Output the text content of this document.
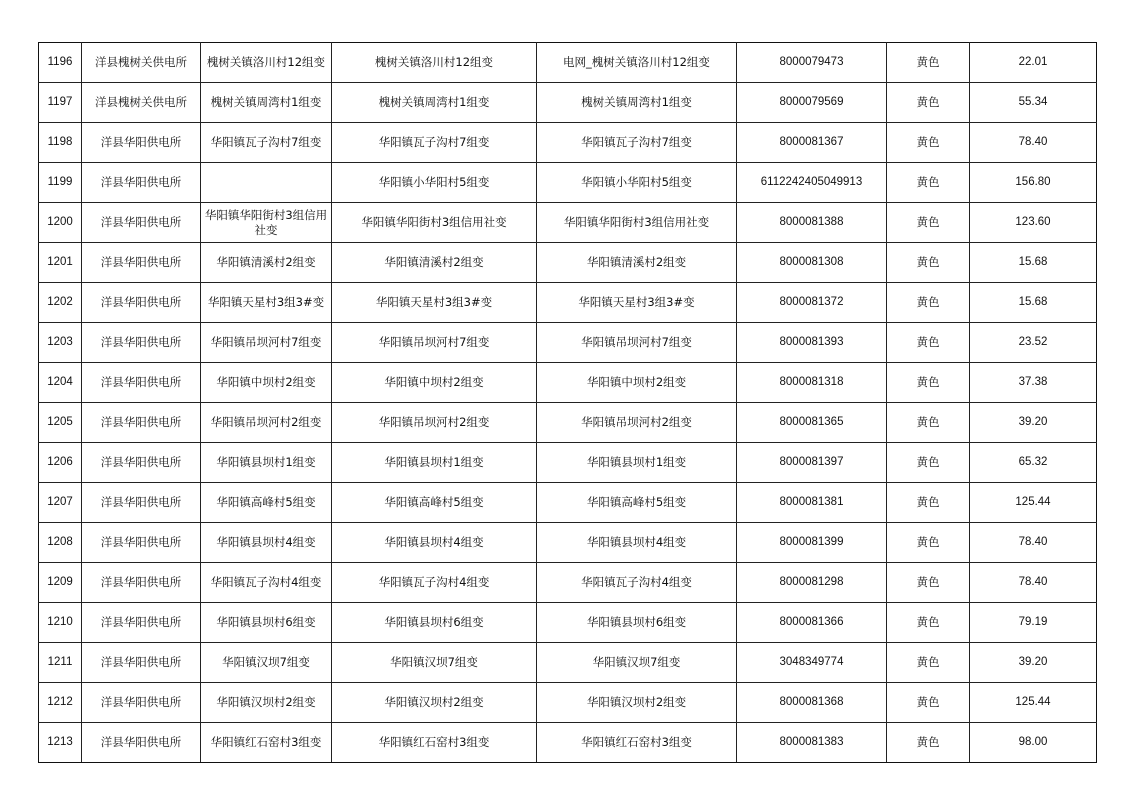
1196	洋县槐树关供电所	槐树关镇洛川村12组变	槐树关镇洛川村12组变	电网_槐树关镇洛川村12组变	8000079473	黄色	22.01
1197	洋县槐树关供电所	槐树关镇周湾村1组变	槐树关镇周湾村1组变	槐树关镇周湾村1组变	8000079569	黄色	55.34
1198	洋县华阳供电所	华阳镇瓦子沟村7组变	华阳镇瓦子沟村7组变	华阳镇瓦子沟村7组变	8000081367	黄色	78.40
1199	洋县华阳供电所		华阳镇小华阳村5组变	华阳镇小华阳村5组变	6112242405049913	黄色	156.80
1200	洋县华阳供电所	华阳镇华阳街村3组信用社变	华阳镇华阳街村3组信用社变	华阳镇华阳街村3组信用社变	8000081388	黄色	123.60
1201	洋县华阳供电所	华阳镇清溪村2组变	华阳镇清溪村2组变	华阳镇清溪村2组变	8000081308	黄色	15.68
1202	洋县华阳供电所	华阳镇天星村3组3#变	华阳镇天星村3组3#变	华阳镇天星村3组3#变	8000081372	黄色	15.68
1203	洋县华阳供电所	华阳镇吊坝河村7组变	华阳镇吊坝河村7组变	华阳镇吊坝河村7组变	8000081393	黄色	23.52
1204	洋县华阳供电所	华阳镇中坝村2组变	华阳镇中坝村2组变	华阳镇中坝村2组变	8000081318	黄色	37.38
1205	洋县华阳供电所	华阳镇吊坝河村2组变	华阳镇吊坝河村2组变	华阳镇吊坝河村2组变	8000081365	黄色	39.20
1206	洋县华阳供电所	华阳镇县坝村1组变	华阳镇县坝村1组变	华阳镇县坝村1组变	8000081397	黄色	65.32
1207	洋县华阳供电所	华阳镇高峰村5组变	华阳镇高峰村5组变	华阳镇高峰村5组变	8000081381	黄色	125.44
1208	洋县华阳供电所	华阳镇县坝村4组变	华阳镇县坝村4组变	华阳镇县坝村4组变	8000081399	黄色	78.40
1209	洋县华阳供电所	华阳镇瓦子沟村4组变	华阳镇瓦子沟村4组变	华阳镇瓦子沟村4组变	8000081298	黄色	78.40
1210	洋县华阳供电所	华阳镇县坝村6组变	华阳镇县坝村6组变	华阳镇县坝村6组变	8000081366	黄色	79.19
1211	洋县华阳供电所	华阳镇汉坝7组变	华阳镇汉坝7组变	华阳镇汉坝7组变	3048349774	黄色	39.20
1212	洋县华阳供电所	华阳镇汉坝村2组变	华阳镇汉坝村2组变	华阳镇汉坝村2组变	8000081368	黄色	125.44
1213	洋县华阳供电所	华阳镇红石窑村3组变	华阳镇红石窑村3组变	华阳镇红石窑村3组变	8000081383	黄色	98.00
